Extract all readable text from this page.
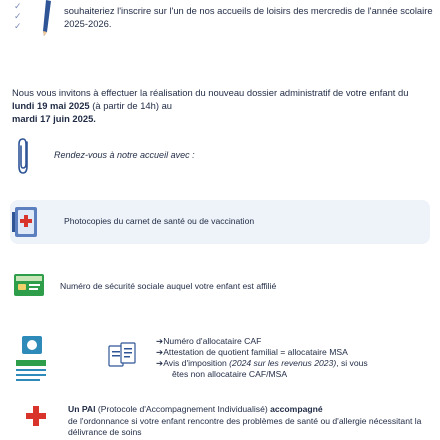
✓
✓
✓
souhaiteriez l'inscrire sur l'un de nos accueils de loisirs des mercredis de l'année scolaire 2025-2026.
Nous vous invitons à effectuer la réalisation du nouveau dossier administratif de votre enfant du lundi 19 mai 2025 (à partir de 14h) au
mardi 17 juin 2025.
Rendez-vous à notre accueil avec :
Photocopies du carnet de santé ou de vaccination
Numéro de sécurité sociale auquel votre enfant est affilié
➔Numéro d'allocataire CAF
➔Attestation de quotient familial = allocataire MSA
➔Avis d'imposition (2024 sur les revenus 2023), si vous
êtes non allocataire CAF/MSA
Un PAI (Protocole d'Accompagnement Individualisé) accompagné
de l'ordonnance si votre enfant rencontre des problèmes de santé ou d'allergie nécessitant la délivrance de soins
